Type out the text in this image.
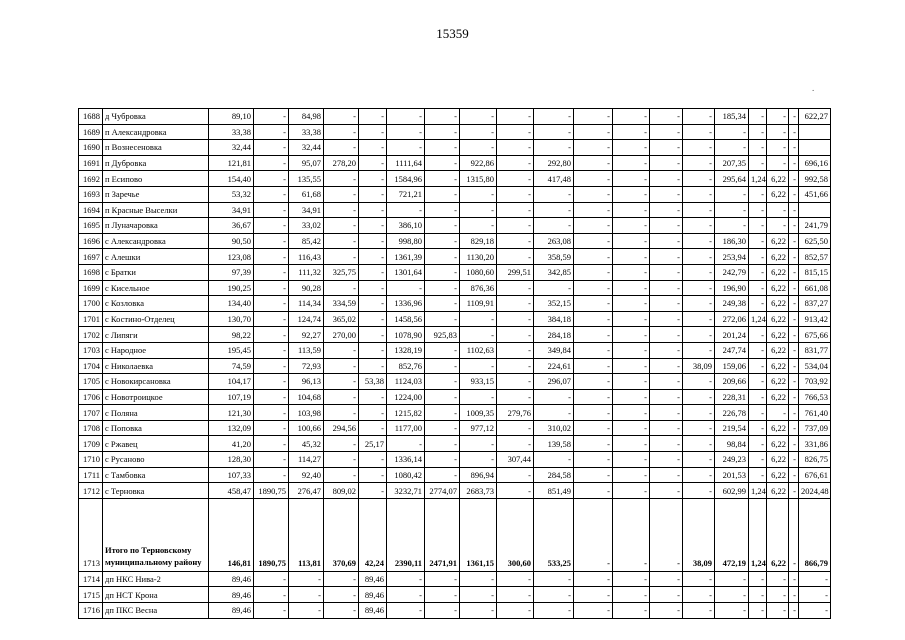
15359
.
1688	д Чубровка	89,10	-	84,98	-	-	-	-	-	-	-	-	-	-	-	185,34	-	-	-	622,27
1689	п Александровка	33,38	-	33,38	-	-	-	-	-	-	-	-	-	-	-	-	-	-	-	
1690	п Вознесеновка	32,44	-	32,44	-	-	-	-	-	-	-	-	-	-	-	-	-	-	-	
1691	п Дубровка	121,81	-	95,07	278,20	-	1111,64	-	922,86	-	292,80	-	-	-	-	207,35	-	-	-	696,16
1692	п Есипово	154,40	-	135,55	-	-	1584,96	-	1315,80	-	417,48	-	-	-	-	295,64	1,24	6,22	-	992,58
1693	п Заречье	53,32	-	61,68	-	-	721,21	-	-	-	-	-	-	-	-	-	-	6,22	-	451,66
1694	п Красные Выселки	34,91	-	34,91	-	-	-	-	-	-	-	-	-	-	-	-	-	-	-	
1695	п Луначаровка	36,67	-	33,02	-	-	386,10	-	-	-	-	-	-	-	-	-	-	-	-	241,79
1696	с Александровка	90,50	-	85,42	-	-	998,80	-	829,18	-	263,08	-	-	-	-	186,30	-	6,22	-	625,50
1697	с Алешки	123,08	-	116,43	-	-	1361,39	-	1130,20	-	358,59	-	-	-	-	253,94	-	6,22	-	852,57
1698	с Братки	97,39	-	111,32	325,75	-	1301,64	-	1080,60	299,51	342,85	-	-	-	-	242,79	-	6,22	-	815,15
1699	с Кисельное	190,25	-	90,28	-	-	-	-	876,36	-	-	-	-	-	-	196,90	-	6,22	-	661,08
1700	с Козловка	134,40	-	114,34	334,59	-	1336,96	-	1109,91	-	352,15	-	-	-	-	249,38	-	6,22	-	837,27
1701	с Костино-Отделец	130,70	-	124,74	365,02	-	1458,56	-	-	-	384,18	-	-	-	-	272,06	1,24	6,22	-	913,42
1702	с Липяги	98,22	-	92,27	270,00	-	1078,90	925,83	-	-	284,18	-	-	-	-	201,24	-	6,22	-	675,66
1703	с Народное	195,45	-	113,59	-	-	1328,19	-	1102,63	-	349,84	-	-	-	-	247,74	-	6,22	-	831,77
1704	с Николаевка	74,59	-	72,93	-	-	852,76	-	-	-	224,61	-	-	-	38,09	159,06	-	6,22	-	534,04
1705	с Новокирсановка	104,17	-	96,13	-	53,38	1124,03	-	933,15	-	296,07	-	-	-	-	209,66	-	6,22	-	703,92
1706	с Новотроицкое	107,19	-	104,68	-	-	1224,00	-	-	-	-	-	-	-	-	228,31	-	6,22	-	766,53
1707	с Поляна	121,30	-	103,98	-	-	1215,82	-	1009,35	279,76	-	-	-	-	-	226,78	-	-	-	761,40
1708	с Поповка	132,09	-	100,66	294,56	-	1177,00	-	977,12	-	310,02	-	-	-	-	219,54	-	6,22	-	737,09
1709	с Ржавец	41,20	-	45,32	-	25,17	-	-	-	-	139,58	-	-	-	-	98,84	-	6,22	-	331,86
1710	с Русаново	128,30	-	114,27	-	-	1336,14	-	-	307,44	-	-	-	-	-	249,23	-	6,22	-	826,75
1711	с Тамбовка	107,33	-	92,40	-	-	1080,42	-	896,94	-	284,58	-	-	-	-	201,53	-	6,22	-	676,61
1712	с Терновка	458,47	1890,75	276,47	809,02	-	3232,71	2774,07	2683,73	-	851,49	-	-	-	-	602,99	1,24	6,22	-	2024,48
1713	Итого по Терновскому муниципальному району	146,81	1890,75	113,81	370,69	42,24	2390,11	2471,91	1361,15	300,60	533,25	-	-	-	38,09	472,19	1,24	6,22	-	866,79
1714	дп НКС Нива-2	89,46	-	-	-	89,46	-	-	-	-	-	-	-	-	-	-	-	-	-	-
1715	дп НСТ Крона	89,46	-	-	-	89,46	-	-	-	-	-	-	-	-	-	-	-	-	-	-
1716	дп ПКС Весна	89,46	-	-	-	89,46	-	-	-	-	-	-	-	-	-	-	-	-	-	-
